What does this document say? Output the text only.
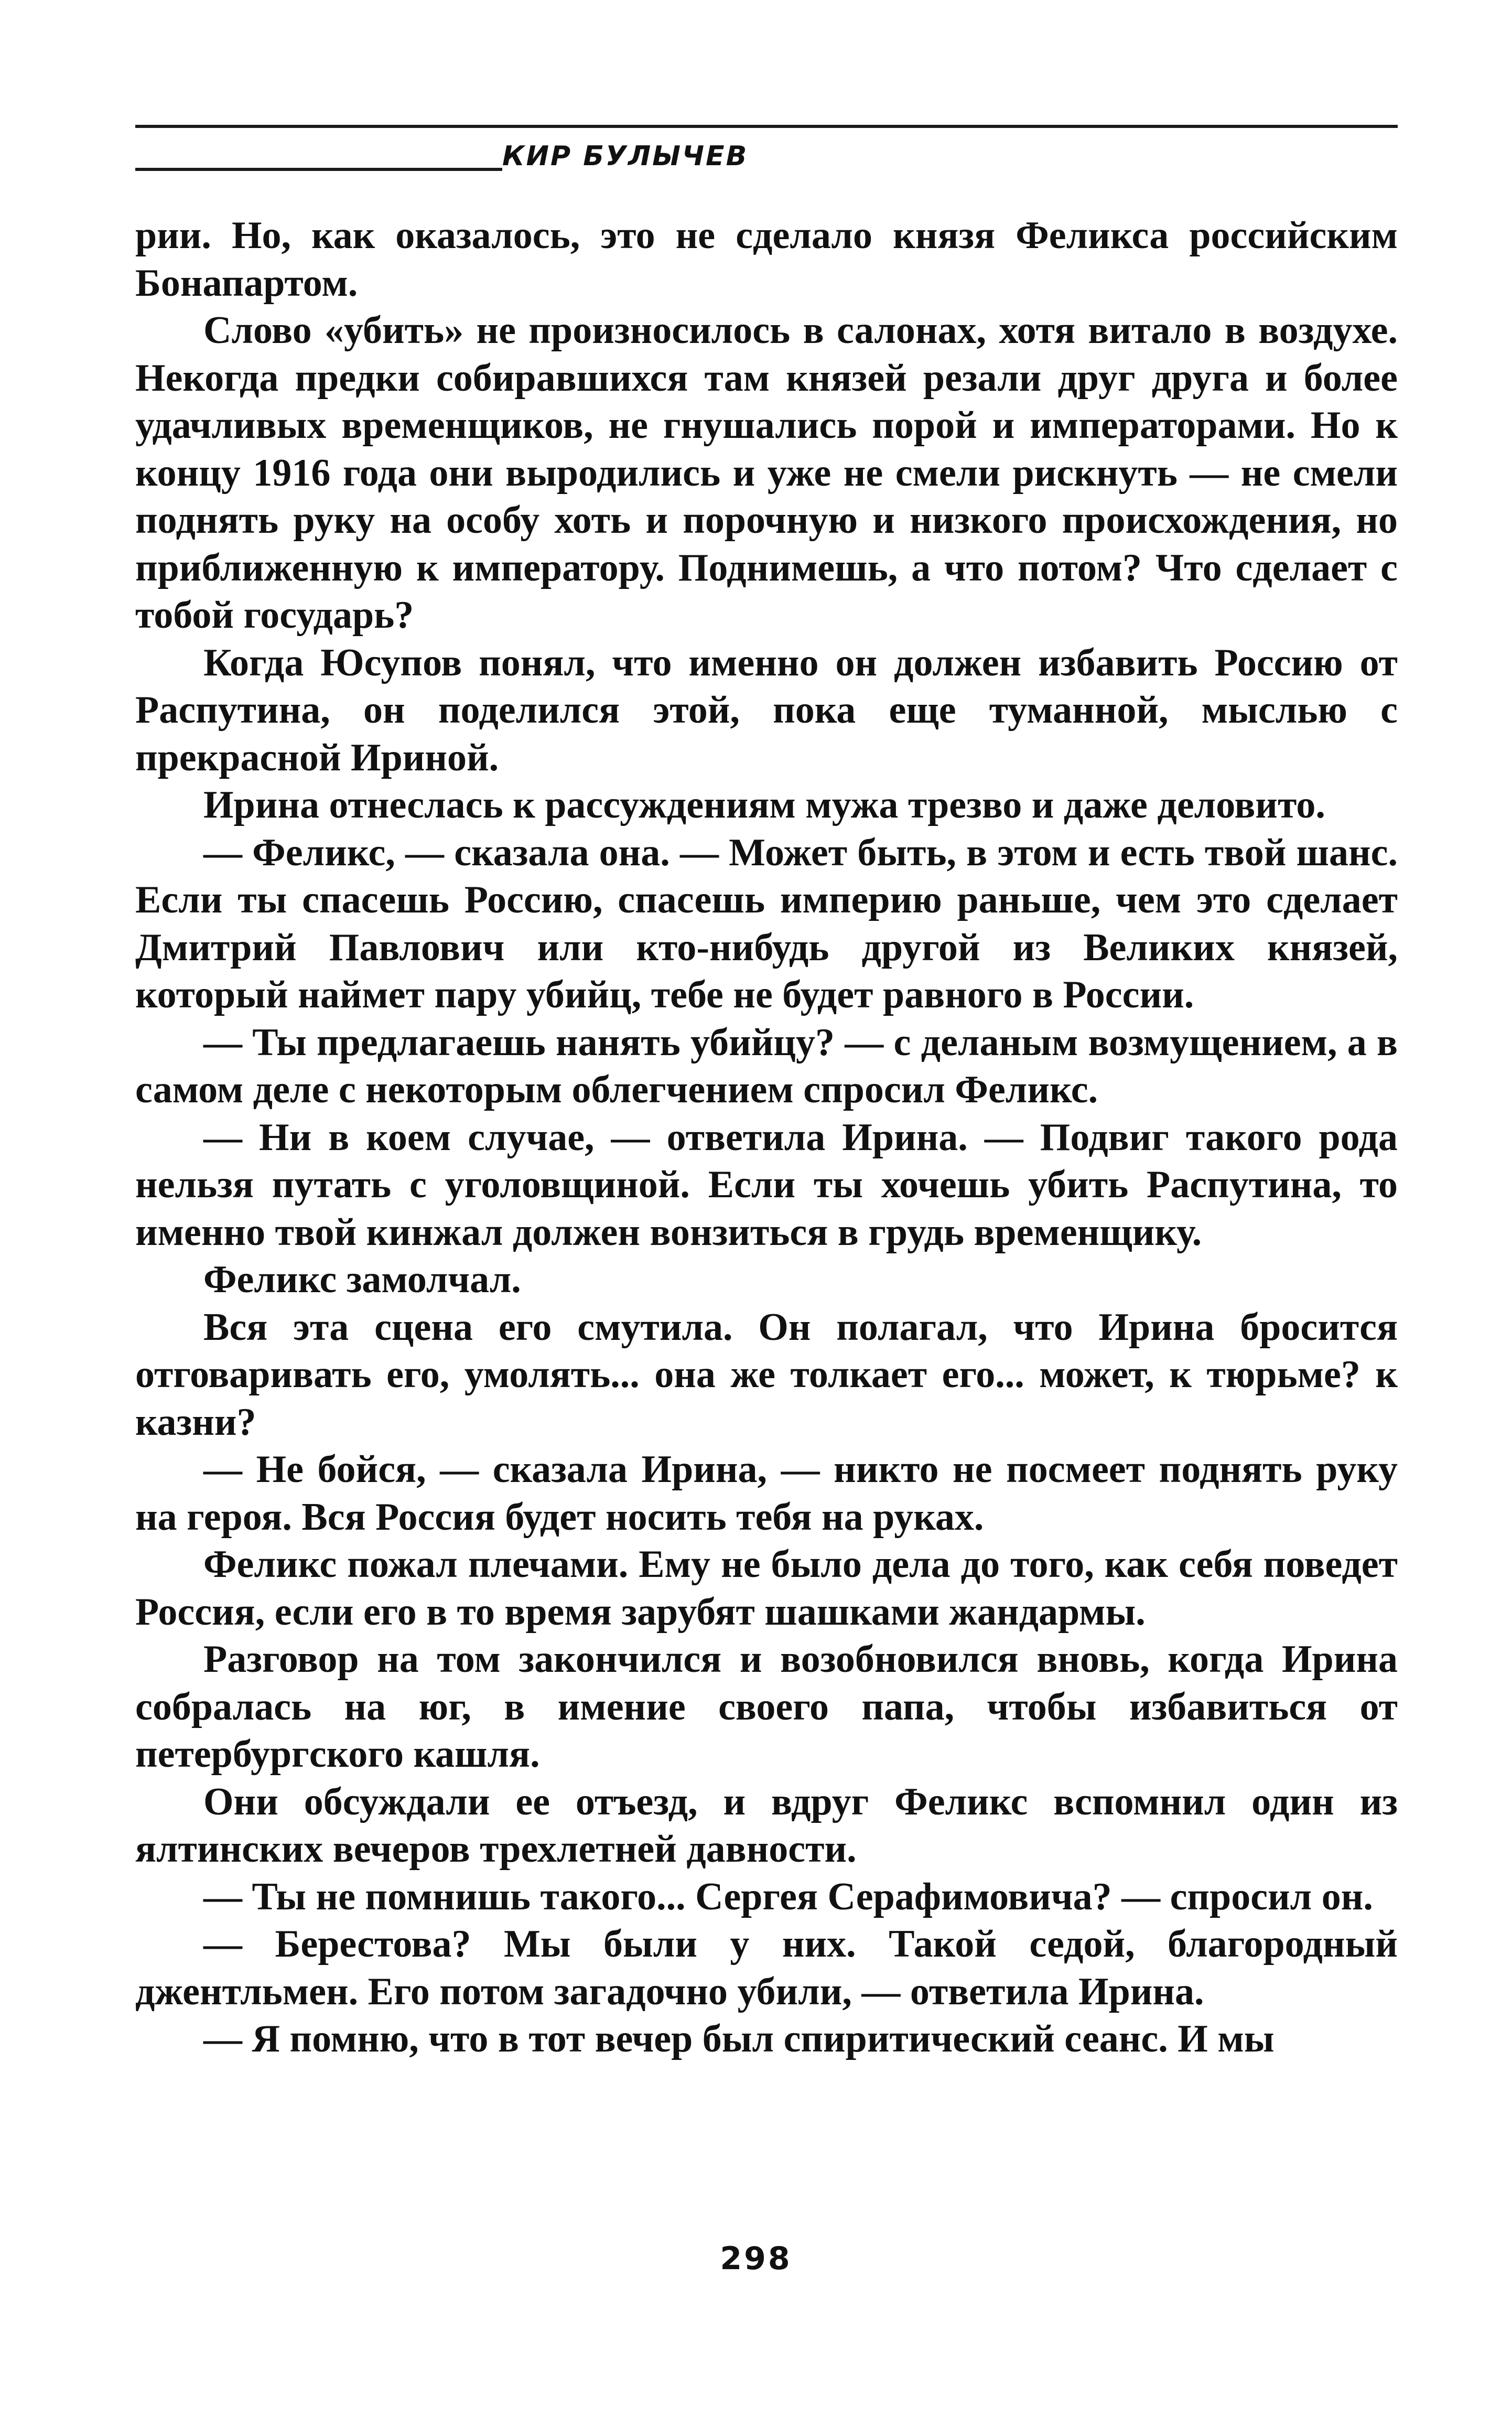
КИР БУЛЫЧЕВ

рии. Но, как оказалось, это не сделало князя Феликса российским Бонапартом.

Слово «убить» не произносилось в салонах, хотя витало в воздухе. Некогда предки собиравшихся там князей резали друг друга и более удачливых временщиков, не гнушались порой и императорами. Но к концу 1916 года они выродились и уже не смели рискнуть — не смели поднять руку на особу хоть и порочную и низкого происхождения, но приближенную к императору. Поднимешь, а что потом? Что сделает с тобой государь?

Когда Юсупов понял, что именно он должен избавить Россию от Распутина, он поделился этой, пока еще туманной, мыслью с прекрасной Ириной.

Ирина отнеслась к рассуждениям мужа трезво и даже деловито.

— Феликс, — сказала она. — Может быть, в этом и есть твой шанс. Если ты спасешь Россию, спасешь империю раньше, чем это сделает Дмитрий Павлович или кто-нибудь другой из Великих князей, который наймет пару убийц, тебе не будет равного в России.

— Ты предлагаешь нанять убийцу? — с деланым возмущением, а в самом деле с некоторым облегчением спросил Феликс.

— Ни в коем случае, — ответила Ирина. — Подвиг такого рода нельзя путать с уголовщиной. Если ты хочешь убить Распутина, то именно твой кинжал должен вонзиться в грудь временщику.

Феликс замолчал.

Вся эта сцена его смутила. Он полагал, что Ирина бросится отговаривать его, умолять... она же толкает его... может, к тюрьме? к казни?

— Не бойся, — сказала Ирина, — никто не посмеет поднять руку на героя. Вся Россия будет носить тебя на руках.

Феликс пожал плечами. Ему не было дела до того, как себя поведет Россия, если его в то время зарубят шашками жандармы.

Разговор на том закончился и возобновился вновь, когда Ирина собралась на юг, в имение своего папа, чтобы избавиться от петербургского кашля.

Они обсуждали ее отъезд, и вдруг Феликс вспомнил один из ялтинских вечеров трехлетней давности.

— Ты не помнишь такого... Сергея Серафимовича? — спросил он.

— Берестова? Мы были у них. Такой седой, благородный джентльмен. Его потом загадочно убили, — ответила Ирина.

— Я помню, что в тот вечер был спиритический сеанс. И мы

298
